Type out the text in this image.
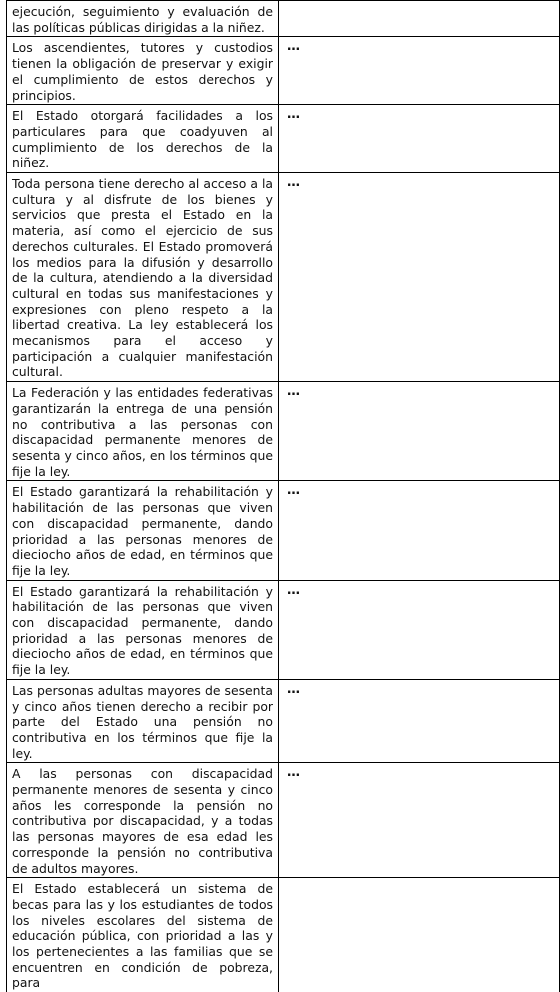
ejecución, seguimiento y evaluación de las políticas públicas dirigidas a la niñez.	
Los ascendientes, tutores y custodios tienen la obligación de preservar y exigir el cumplimiento de estos derechos y principios.	…
El Estado otorgará facilidades a los particulares para que coadyuven al cumplimiento de los derechos de la niñez.	…
Toda persona tiene derecho al acceso a la cultura y al disfrute de los bienes y servicios que presta el Estado en la materia, así como el ejercicio de sus derechos culturales. El Estado promoverá los medios para la difusión y desarrollo de la cultura, atendiendo a la diversidad cultural en todas sus manifestaciones y expresiones con pleno respeto a la libertad creativa. La ley establecerá los mecanismos para el acceso y participación a cualquier manifestación cultural.	…
La Federación y las entidades federativas garantizarán la entrega de una pensión no contributiva a las personas con discapacidad permanente menores de sesenta y cinco años, en los términos que fije la ley.	…
El Estado garantizará la rehabilitación y habilitación de las personas que viven con discapacidad permanente, dando prioridad a las personas menores de dieciocho años de edad, en términos que fije la ley.	…
El Estado garantizará la rehabilitación y habilitación de las personas que viven con discapacidad permanente, dando prioridad a las personas menores de dieciocho años de edad, en términos que fije la ley.	…
Las personas adultas mayores de sesenta y cinco años tienen derecho a recibir por parte del Estado una pensión no contributiva en los términos que fije la ley.	…
A las personas con discapacidad permanente menores de sesenta y cinco años les corresponde la pensión no contributiva por discapacidad, y a todas las personas mayores de esa edad les corresponde la pensión no contributiva de adultos mayores.	…
El Estado establecerá un sistema de becas para las y los estudiantes de todos los niveles escolares del sistema de educación pública, con prioridad a las y los pertenecientes a las familias que se encuentren en condición de pobreza, para	
